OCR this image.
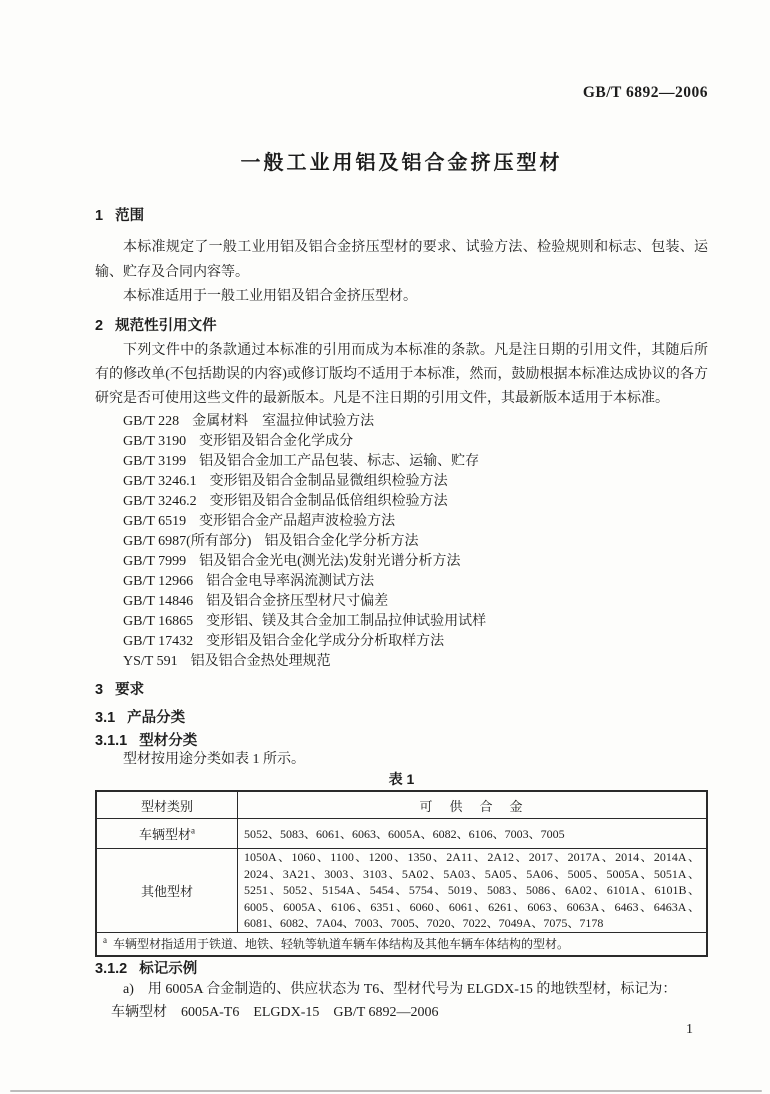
GB/T 6892—2006
一般工业用铝及铝合金挤压型材
1 范围

本标准规定了一般工业用铝及铝合金挤压型材的要求、试验方法、检验规则和标志、包装、运输、贮存及合同内容等。

本标准适用于一般工业用铝及铝合金挤压型材。

2 规范性引用文件

下列文件中的条款通过本标准的引用而成为本标准的条款。凡是注日期的引用文件，其随后所有的修改单(不包括勘误的内容)或修订版均不适用于本标准，然而，鼓励根据本标准达成协议的各方研究是否可使用这些文件的最新版本。凡是不注日期的引用文件，其最新版本适用于本标准。

GB/T 228 金属材料　室温拉伸试验方法
GB/T 3190 变形铝及铝合金化学成分
GB/T 3199 铝及铝合金加工产品包装、标志、运输、贮存
GB/T 3246.1 变形铝及铝合金制品显微组织检验方法
GB/T 3246.2 变形铝及铝合金制品低倍组织检验方法
GB/T 6519 变形铝合金产品超声波检验方法
GB/T 6987(所有部分) 铝及铝合金化学分析方法
GB/T 7999 铝及铝合金光电(测光法)发射光谱分析方法
GB/T 12966 铝合金电导率涡流测试方法
GB/T 14846 铝及铝合金挤压型材尺寸偏差
GB/T 16865 变形铝、镁及其合金加工制品拉伸试验用试样
GB/T 17432 变形铝及铝合金化学成分分析取样方法
YS/T 591 铝及铝合金热处理规范
3 要求
3.1 产品分类
3.1.1 型材分类

型材按用途分类如表 1 所示。

表 1
型材类别	可　供　合　金
车辆型材$^a$	5052、5083、6061、6063、6005A、6082、6106、7003、7005
其他型材	1050A、1060、1100、1200、1350、2A11、2A12、2017、2017A、2014、2014A、2024、3A21、3003、3103、5A02、5A03、5A05、5A06、5005、5005A、5051A、5251、5052、5154A、5454、5754、5019、5083、5086、6A02、6101A、6101B、6005、6005A、6106、6351、6060、6061、6261、6063、6063A、6463、6463A、6081、6082、7A04、7003、7005、7020、7022、7049A、7075、7178
$^a$ 车辆型材指适用于铁道、地铁、轻轨等轨道车辆车体结构及其他车辆车体结构的型材。	
3.1.2 标记示例

a)　用 6005A 合金制造的、供应状态为 T6、型材代号为 ELGDX-15 的地铁型材，标记为：

车辆型材　6005A-T6　ELGDX-15　GB/T 6892—2006

1
